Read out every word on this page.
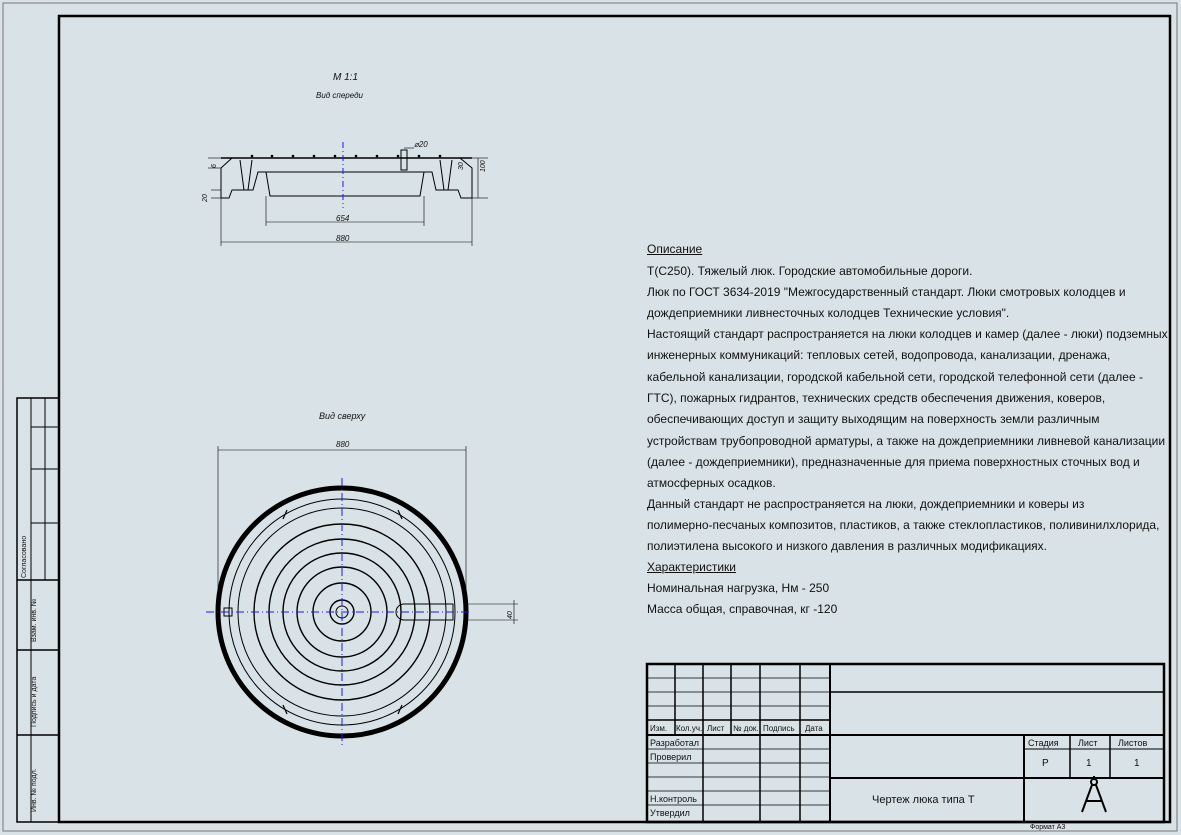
M 1:1
Вид спереди
⌀20
654
880
100
6	30
20
Вид сверху
880
40
Описание
Т(С250). Тяжелый люк. Городские автомобильные дороги.
Люк по ГОСТ 3634-2019 "Межгосударственный стандарт. Люки смотровых колодцев и
дождеприемники ливнесточных колодцев Технические условия".
Настоящий стандарт распространяется на люки колодцев и камер (далее - люки) подземных
инженерных коммуникаций: тепловых сетей, водопровода, канализации, дренажа,
кабельной канализации, городской кабельной сети, городской телефонной сети (далее -
ГТС), пожарных гидрантов, технических средств обеспечения движения, коверов,
обеспечивающих доступ и защиту выходящим на поверхность земли различным
устройствам трубопроводной арматуры, а также на дождеприемники ливневой канализации
(далее - дождеприемники), предназначенные для приема поверхностных сточных вод и
атмосферных осадков.
Данный стандарт не распространяется на люки, дождеприемники и коверы из
полимерно-песчаных композитов, пластиков, а также стеклопластиков, поливинилхлорида,
полиэтилена высокого и низкого давления в различных модификациях.
Характеристики
Номинальная нагрузка, Нм - 250
Масса общая, справочная, кг -120
Изм. Кол.уч. Лист № док. Подпись Дата
Разработал
Проверил
Н.контроль
Утвердил
Стадия Лист Листов
Р	1	1
Чертеж люка типа Т
Формат А3
Согласовано
Взам. инв. №
Подпись и дата
Инв. № подл.
